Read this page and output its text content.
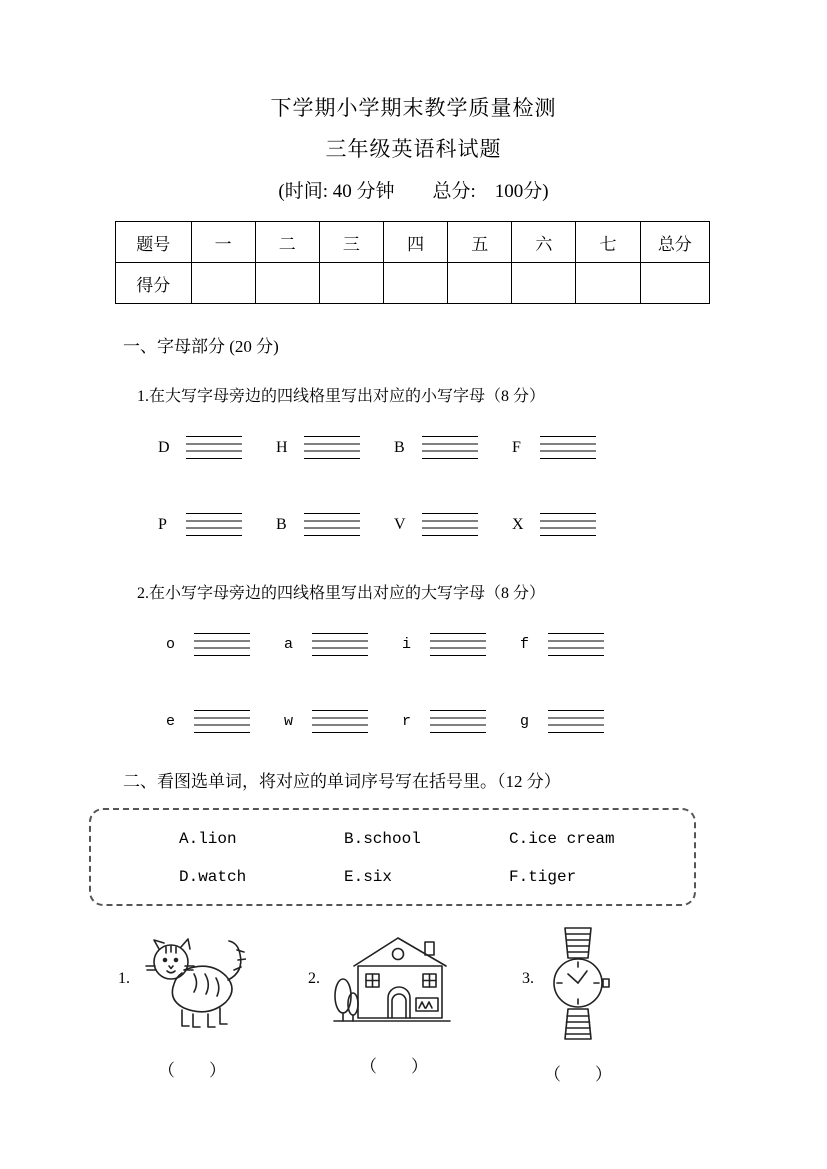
下学期小学期末教学质量检测
三年级英语科试题
(时间: 40 分钟　　总分:　100分)
题号	一	二	三	四	五	六	七	总分
得分								
一、字母部分 (20 分)
1.在大写字母旁边的四线格里写出对应的小写字母（8 分）
D	H	B	F
P	B	V	X
2.在小写字母旁边的四线格里写出对应的大写字母（8 分）
o	a	i	f
e	w	r	g
二、看图选单词，将对应的单词序号写在括号里。（12 分）
A.lion	B.school	C.ice cream
D.watch	E.six	F.tiger
1.
（　　）
2.
（　　）
3.
（　　）
